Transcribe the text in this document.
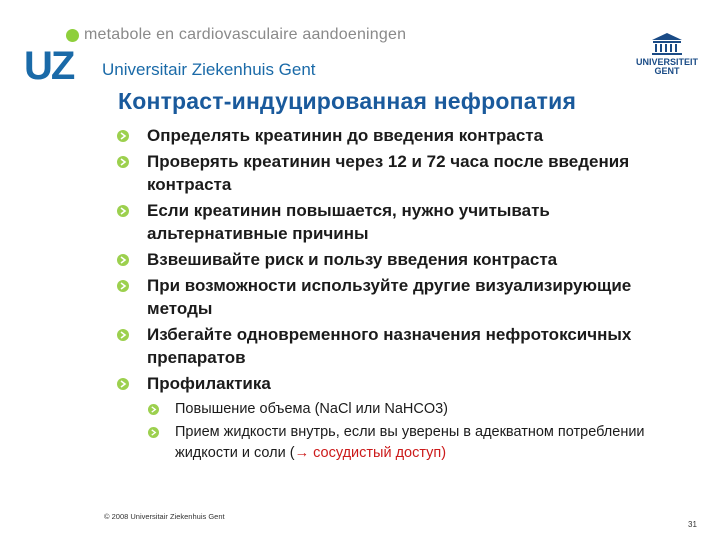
metabole en cardiovasculaire aandoeningen
UZ Universitair Ziekenhuis Gent	UNIVERSITEIT
GENT
Контраст-индуцированная нефропатия
Определять креатинин до введения контраста
Проверять креатинин через 12 и 72 часа после введения контраста
Если креатинин повышается, нужно учитывать альтернативные причины
Взвешивайте риск и пользу введения контраста
При возможности используйте другие визуализирующие методы
Избегайте одновременного назначения нефротоксичных препаратов
Профилактика
Повышение объема (NaCl или NaHCO3)
Прием жидкости внутрь, если вы уверены в адекватном потреблении жидкости и соли (→ сосудистый доступ)
© 2008 Universitair Ziekenhuis Gent
31
